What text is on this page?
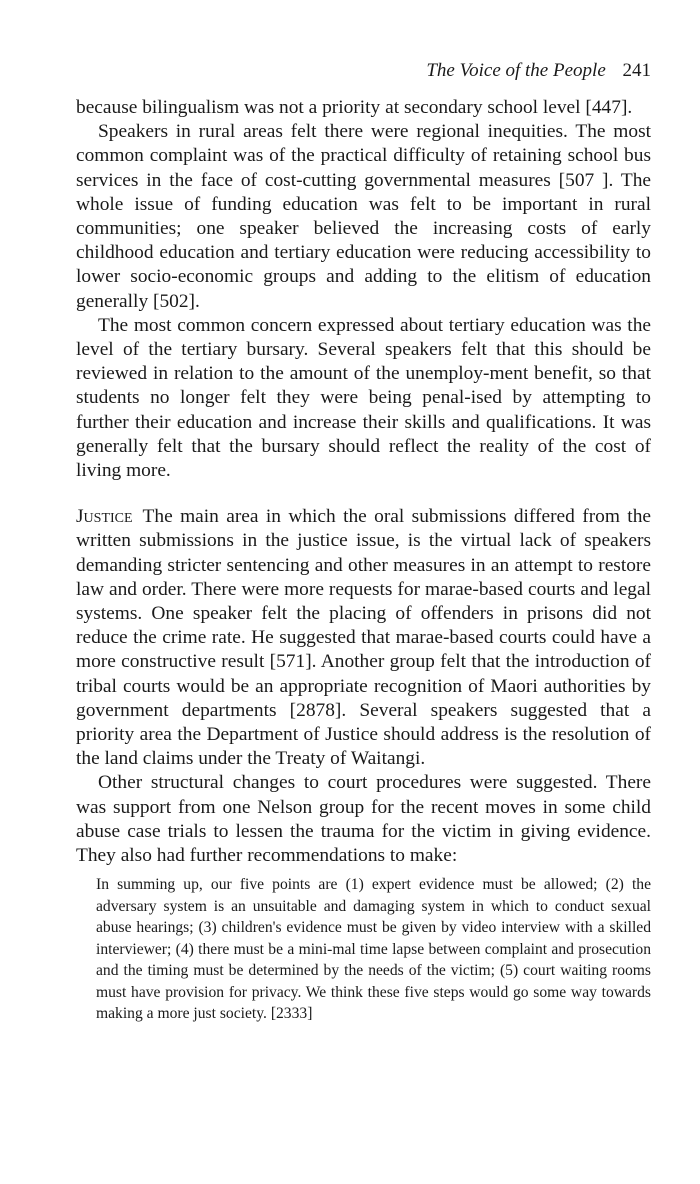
The Voice of the People 241

because bilingualism was not a priority at secondary school level [447].

Speakers in rural areas felt there were regional inequities. The most common complaint was of the practical difficulty of retaining school bus services in the face of cost-cutting governmental measures [507 ]. The whole issue of funding education was felt to be important in rural communities; one speaker believed the increasing costs of early childhood education and tertiary education were reducing accessibility to lower socio-economic groups and adding to the elitism of education generally [502].

The most common concern expressed about tertiary education was the level of the tertiary bursary. Several speakers felt that this should be reviewed in relation to the amount of the unemploy-ment benefit, so that students no longer felt they were being penal-ised by attempting to further their education and increase their skills and qualifications. It was generally felt that the bursary should reflect the reality of the cost of living more.

Justice The main area in which the oral submissions differed from the written submissions in the justice issue, is the virtual lack of speakers demanding stricter sentencing and other measures in an attempt to restore law and order. There were more requests for marae-based courts and legal systems. One speaker felt the placing of offenders in prisons did not reduce the crime rate. He suggested that marae-based courts could have a more constructive result [571]. Another group felt that the introduction of tribal courts would be an appropriate recognition of Maori authorities by government departments [2878]. Several speakers suggested that a priority area the Department of Justice should address is the resolution of the land claims under the Treaty of Waitangi.

Other structural changes to court procedures were suggested. There was support from one Nelson group for the recent moves in some child abuse case trials to lessen the trauma for the victim in giving evidence. They also had further recommendations to make:

In summing up, our five points are (1) expert evidence must be allowed; (2) the adversary system is an unsuitable and damaging system in which to conduct sexual abuse hearings; (3) children's evidence must be given by video interview with a skilled interviewer; (4) there must be a mini-mal time lapse between complaint and prosecution and the timing must be determined by the needs of the victim; (5) court waiting rooms must have provision for privacy. We think these five steps would go some way towards making a more just society. [2333]
